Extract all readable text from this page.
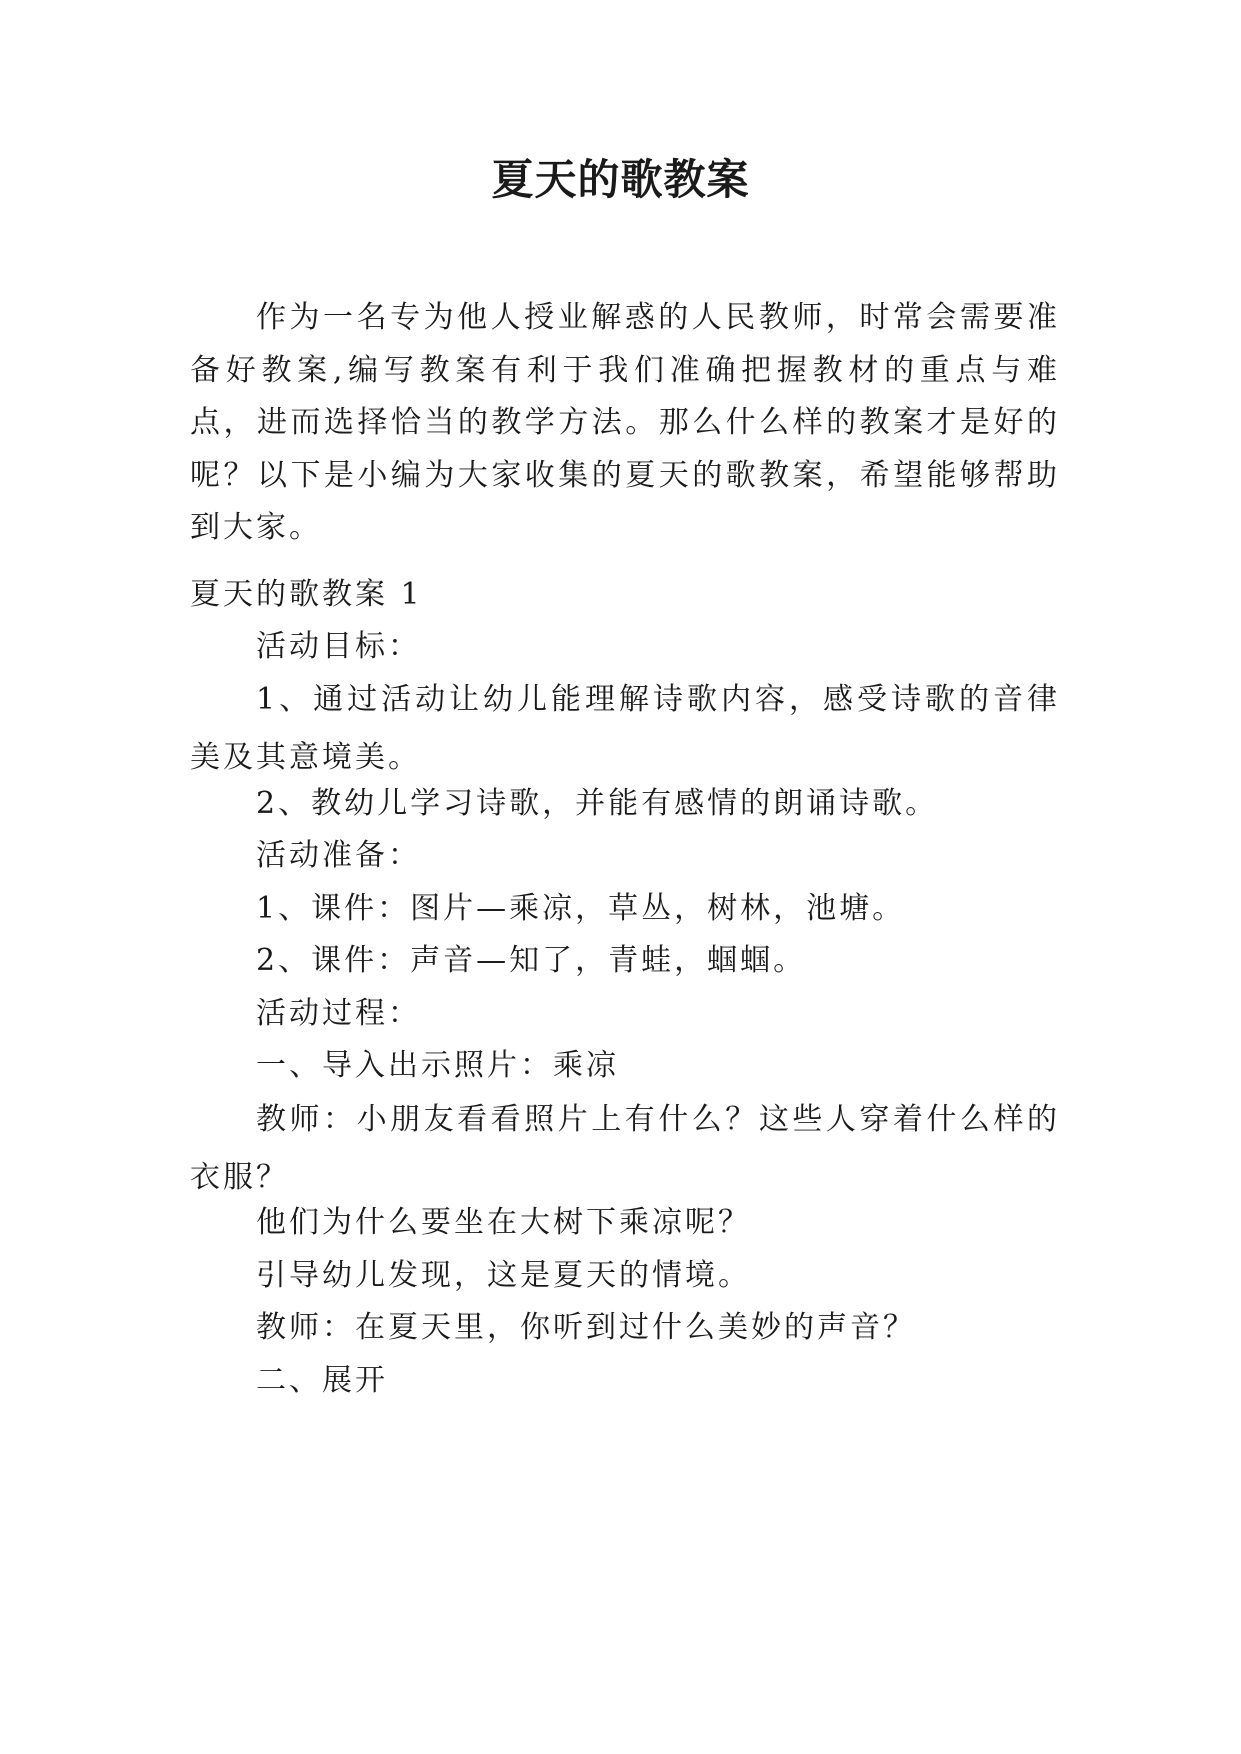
夏天的歌教案
作为一名专为他人授业解惑的人民教师，时常会需要准备好教案,编写教案有利于我们准确把握教材的重点与难点，进而选择恰当的教学方法。那么什么样的教案才是好的呢？以下是小编为大家收集的夏天的歌教案，希望能够帮助到大家。
夏天的歌教案 1
活动目标：
1、通过活动让幼儿能理解诗歌内容，感受诗歌的音律美及其意境美。
2、教幼儿学习诗歌，并能有感情的朗诵诗歌。
活动准备：
1、课件：图片—乘凉，草丛，树林，池塘。
2、课件：声音—知了，青蛙，蝈蝈。
活动过程：
一、导入出示照片：乘凉
教师：小朋友看看照片上有什么？这些人穿着什么样的衣服？
他们为什么要坐在大树下乘凉呢？
引导幼儿发现，这是夏天的情境。
教师：在夏天里，你听到过什么美妙的声音？
二、展开
